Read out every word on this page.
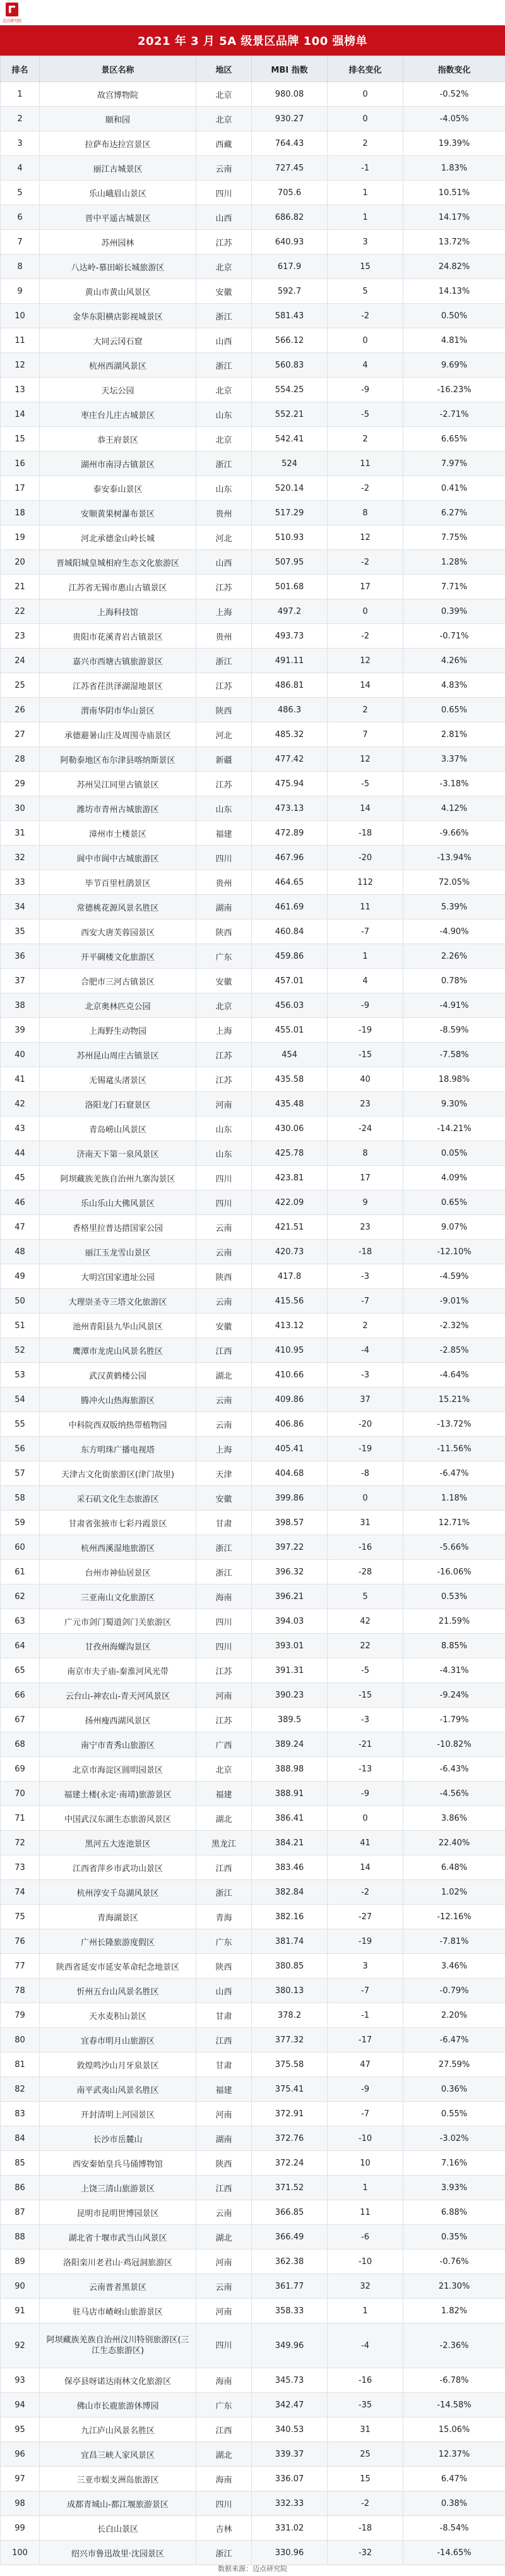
迈点研究院
2021 年 3 月 5A 级景区品牌 100 强榜单
排名	景区名称	地区	MBI 指数	排名变化	指数变化
1	故宫博物院	北京	980.08	0	-0.52%
2	颐和园	北京	930.27	0	-4.05%
3	拉萨布达拉宫景区	西藏	764.43	2	19.39%
4	丽江古城景区	云南	727.45	-1	1.83%
5	乐山峨眉山景区	四川	705.6	1	10.51%
6	晋中平遥古城景区	山西	686.82	1	14.17%
7	苏州园林	江苏	640.93	3	13.72%
8	八达岭-慕田峪长城旅游区	北京	617.9	15	24.82%
9	黄山市黄山风景区	安徽	592.7	5	14.13%
10	金华东阳横店影视城景区	浙江	581.43	-2	0.50%
11	大同云冈石窟	山西	566.12	0	4.81%
12	杭州西湖风景区	浙江	560.83	4	9.69%
13	天坛公园	北京	554.25	-9	-16.23%
14	枣庄台儿庄古城景区	山东	552.21	-5	-2.71%
15	恭王府景区	北京	542.41	2	6.65%
16	湖州市南浔古镇景区	浙江	524	11	7.97%
17	泰安泰山景区	山东	520.14	-2	0.41%
18	安顺黄果树瀑布景区	贵州	517.29	8	6.27%
19	河北承德金山岭长城	河北	510.93	12	7.75%
20	晋城阳城皇城相府生态文化旅游区	山西	507.95	-2	1.28%
21	江苏省无锡市惠山古镇景区	江苏	501.68	17	7.71%
22	上海科技馆	上海	497.2	0	0.39%
23	贵阳市花溪青岩古镇景区	贵州	493.73	-2	-0.71%
24	嘉兴市西塘古镇旅游景区	浙江	491.11	12	4.26%
25	江苏省茌洪泽湖湿地景区	江苏	486.81	14	4.83%
26	渭南华阴市华山景区	陕西	486.3	2	0.65%
27	承德避暑山庄及周围寺庙景区	河北	485.32	7	2.81%
28	阿勒泰地区布尔津县喀纳斯景区	新疆	477.42	12	3.37%
29	苏州吴江同里古镇景区	江苏	475.94	-5	-3.18%
30	潍坊市青州古城旅游区	山东	473.13	14	4.12%
31	漳州市土楼景区	福建	472.89	-18	-9.66%
32	阆中市阆中古城旅游区	四川	467.96	-20	-13.94%
33	毕节百里杜鹃景区	贵州	464.65	112	72.05%
34	常德桃花源风景名胜区	湖南	461.69	11	5.39%
35	西安大唐芙蓉园景区	陕西	460.84	-7	-4.90%
36	开平碉楼文化旅游区	广东	459.86	1	2.26%
37	合肥市三河古镇景区	安徽	457.01	4	0.78%
38	北京奥林匹克公园	北京	456.03	-9	-4.91%
39	上海野生动物园	上海	455.01	-19	-8.59%
40	苏州昆山周庄古镇景区	江苏	454	-15	-7.58%
41	无锡鼋头渚景区	江苏	435.58	40	18.98%
42	洛阳龙门石窟景区	河南	435.48	23	9.30%
43	青岛崂山风景区	山东	430.06	-24	-14.21%
44	济南天下第一泉风景区	山东	425.78	8	0.05%
45	阿坝藏族羌族自治州九寨沟景区	四川	423.81	17	4.09%
46	乐山乐山大佛风景区	四川	422.09	9	0.65%
47	香格里拉普达措国家公园	云南	421.51	23	9.07%
48	丽江玉龙雪山景区	云南	420.73	-18	-12.10%
49	大明宫国家遗址公园	陕西	417.8	-3	-4.59%
50	大理崇圣寺三塔文化旅游区	云南	415.56	-7	-9.01%
51	池州青阳县九华山风景区	安徽	413.12	2	-2.32%
52	鹰潭市龙虎山风景名胜区	江西	410.95	-4	-2.85%
53	武汉黄鹤楼公园	湖北	410.66	-3	-4.64%
54	腾冲火山热海旅游区	云南	409.86	37	15.21%
55	中科院西双版纳热带植物园	云南	406.86	-20	-13.72%
56	东方明珠广播电视塔	上海	405.41	-19	-11.56%
57	天津古文化街旅游区(津门故里)	天津	404.68	-8	-6.47%
58	采石矶文化生态旅游区	安徽	399.86	0	1.18%
59	甘肃省张掖市七彩丹霞景区	甘肃	398.57	31	12.71%
60	杭州西溪湿地旅游区	浙江	397.22	-16	-5.66%
61	台州市神仙居景区	浙江	396.32	-28	-16.06%
62	三亚南山文化旅游区	海南	396.21	5	0.53%
63	广元市剑门蜀道剑门关旅游区	四川	394.03	42	21.59%
64	甘孜州海螺沟景区	四川	393.01	22	8.85%
65	南京市夫子庙-秦淮河风光带	江苏	391.31	-5	-4.31%
66	云台山-神农山-青天河风景区	河南	390.23	-15	-9.24%
67	扬州瘦西湖风景区	江苏	389.5	-3	-1.79%
68	南宁市青秀山旅游区	广西	389.24	-21	-10.82%
69	北京市海淀区圆明园景区	北京	388.98	-13	-6.43%
70	福建土楼(永定·南靖)旅游景区	福建	388.91	-9	-4.56%
71	中国武汉东湖生态旅游风景区	湖北	386.41	0	3.86%
72	黑河五大连池景区	黑龙江	384.21	41	22.40%
73	江西省萍乡市武功山景区	江西	383.46	14	6.48%
74	杭州淳安千岛湖风景区	浙江	382.84	-2	1.02%
75	青海湖景区	青海	382.16	-27	-12.16%
76	广州长隆旅游度假区	广东	381.74	-19	-7.81%
77	陕西省延安市延安革命纪念地景区	陕西	380.85	3	3.46%
78	忻州五台山风景名胜区	山西	380.13	-7	-0.79%
79	天水麦积山景区	甘肃	378.2	-1	2.20%
80	宜春市明月山旅游区	江西	377.32	-17	-6.47%
81	敦煌鸣沙山月牙泉景区	甘肃	375.58	47	27.59%
82	南平武夷山风景名胜区	福建	375.41	-9	0.36%
83	开封清明上河园景区	河南	372.91	-7	0.55%
84	长沙市岳麓山	湖南	372.76	-10	-3.02%
85	西安秦始皇兵马俑博物馆	陕西	372.24	10	7.16%
86	上饶三清山旅游景区	江西	371.52	1	3.93%
87	昆明市昆明世博园景区	云南	366.85	11	6.88%
88	湖北省十堰市武当山风景区	湖北	366.49	-6	0.35%
89	洛阳栾川老君山·鸡冠洞旅游区	河南	362.38	-10	-0.76%
90	云南普者黑景区	云南	361.77	32	21.30%
91	驻马店市嵖岈山旅游景区	河南	358.33	1	1.82%
92	阿坝藏族羌族自治州汶川特别旅游区(三江生态旅游区)	四川	349.96	-4	-2.36%
93	保亭县呀诺达雨林文化旅游区	海南	345.73	-16	-6.78%
94	佛山市长鹿旅游休博园	广东	342.47	-35	-14.58%
95	九江庐山风景名胜区	江西	340.53	31	15.06%
96	宜昌三峡人家风景区	湖北	339.37	25	12.37%
97	三亚市蜈支洲岛旅游区	海南	336.07	15	6.47%
98	成都青城山-都江堰旅游景区	四川	332.33	-2	0.38%
99	长白山景区	吉林	331.02	-18	-8.54%
100	绍兴市鲁迅故里·沈园景区	浙江	330.96	-32	-14.65%
数据来源：迈点研究院
